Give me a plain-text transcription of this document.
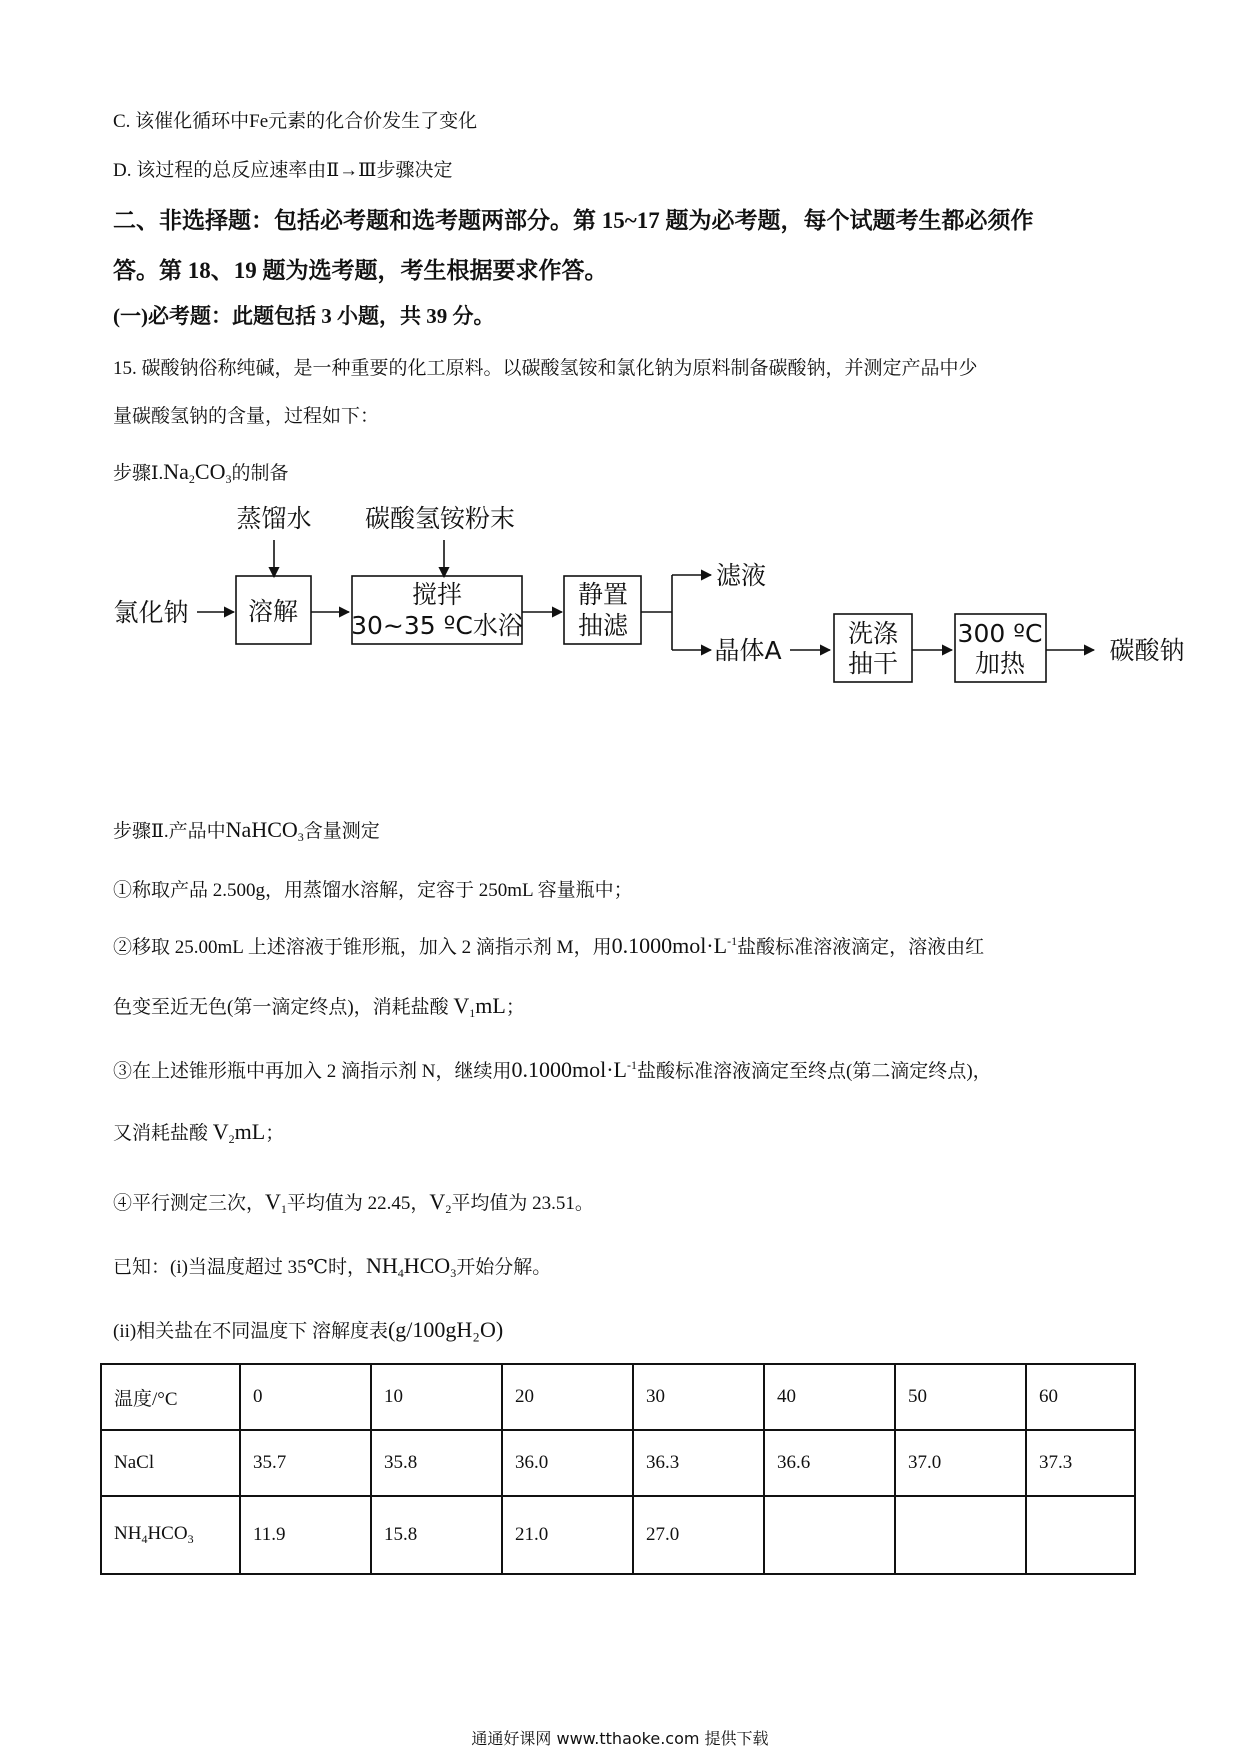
C. 该催化循环中Fe元素的化合价发生了变化
D. 该过程的总反应速率由Ⅱ→Ⅲ步骤决定
二、非选择题：包括必考题和选考题两部分。第 15~17 题为必考题，每个试题考生都必须作
答。第 18、19 题为选考题，考生根据要求作答。
(一)必考题：此题包括 3 小题，共 39 分。
15. 碳酸钠俗称纯碱，是一种重要的化工原料。以碳酸氢铵和氯化钠为原料制备碳酸钠，并测定产品中少
量碳酸氢钠的含量，过程如下：
步骤$Ⅰ.Na_2CO_3$的制备
蒸馏水 碳酸氢铵粉末
氯化钠 溶解
搅拌
30~35 ºC水浴
静置
抽滤
滤液
晶体A
洗涤
抽干
300 ºC
加热	碳酸钠
步骤Ⅱ.产品中NaHCO$_3$含量测定
①称取产品 2.500g，用蒸馏水溶解，定容于 250mL 容量瓶中；
②移取 25.00mL 上述溶液于锥形瓶，加入 2 滴指示剂 M，用$0.1000mol\cdot L^{-1}$盐酸标准溶液滴定，溶液由红
色变至近无色(第一滴定终点)，消耗盐酸 $V_1mL$；
③在上述锥形瓶中再加入 2 滴指示剂 N，继续用$0.1000mol\cdot L^{-1}$盐酸标准溶液滴定至终点(第二滴定终点)，
又消耗盐酸 $V_2mL$；
④平行测定三次，$V_1$平均值为 22.45，$V_2$平均值为 23.51。
已知：(i)当温度超过 35℃时，$NH_4HCO_3$开始分解。
(ii)相关盐在不同温度下 溶解度表(g/100gH₂O)
温度/°C	0	10	20	30	40	50	60
NaCl	35.7	35.8	36.0	36.3	36.6	37.0	37.3
$NH_4HCO_3$	11.9	15.8	21.0	27.0			
通通好课网 www.tthaoke.com 提供下载
